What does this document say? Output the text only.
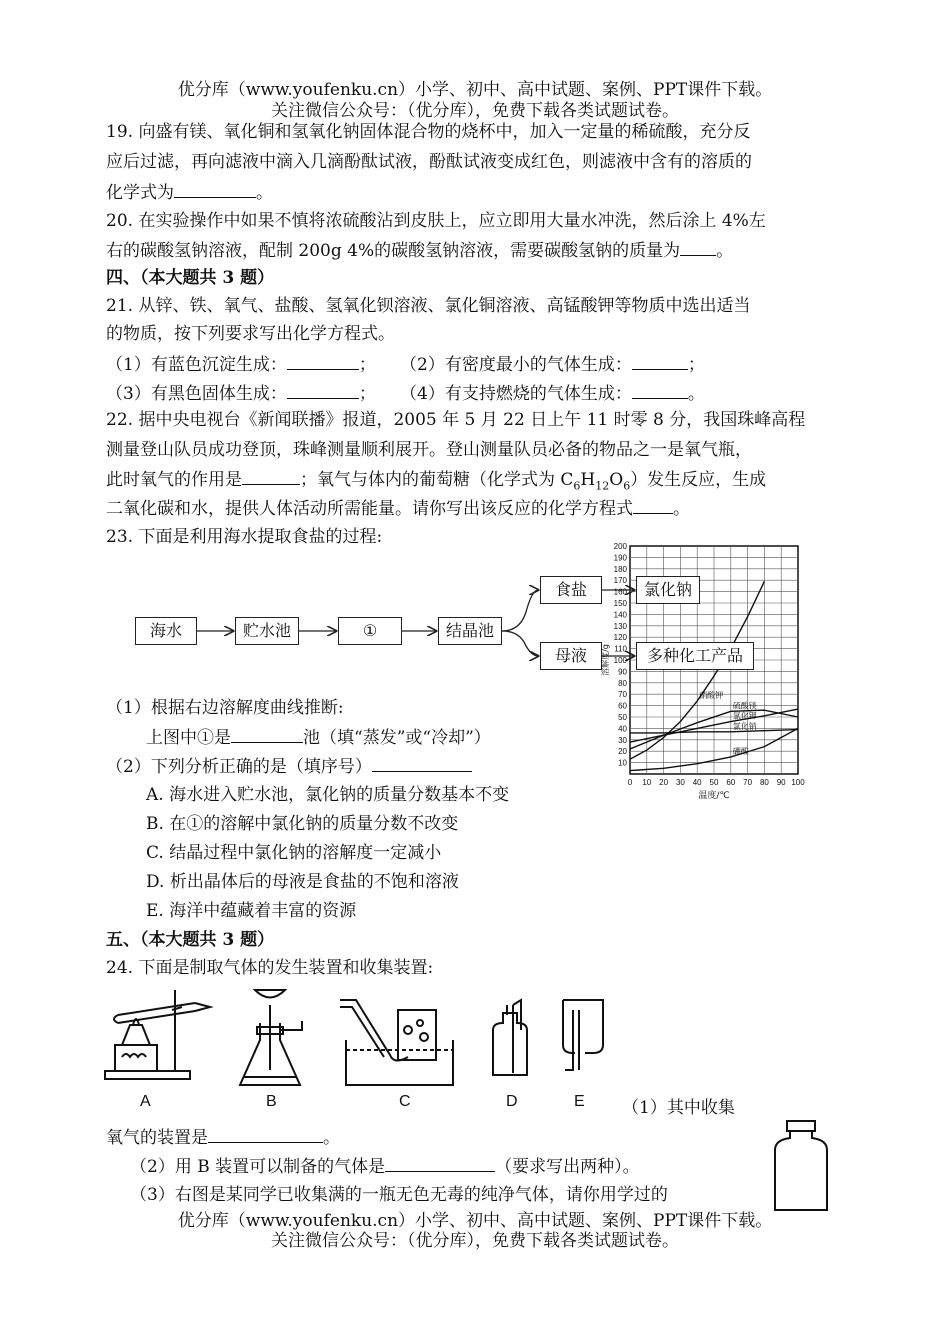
优分库（www.youfenku.cn）小学、初中、高中试题、案例、PPT课件下载。
关注微信公众号：（优分库），免费下载各类试题试卷。
19. 向盛有镁、氧化铜和氢氧化钠固体混合物的烧杯中，加入一定量的稀硫酸，充分反
应后过滤，再向滤液中滴入几滴酚酞试液，酚酞试液变成红色，则滤液中含有的溶质的
化学式为	。
20. 在实验操作中如果不慎将浓硫酸沾到皮肤上，应立即用大量水冲洗，然后涂上 4%左
右的碳酸氢钠溶液，配制 200g 4%的碳酸氢钠溶液，需要碳酸氢钠的质量为 。
四、（本大题共 3 题）
21. 从锌、铁、氧气、盐酸、氢氧化钡溶液、氯化铜溶液、高锰酸钾等物质中选出适当
的物质，按下列要求写出化学方程式。
（1）有蓝色沉淀生成：	； （2）有密度最小的气体生成：	；
（3）有黑色固体生成：	； （4）有支持燃烧的气体生成：	。
22. 据中央电视台《新闻联播》报道，2005 年 5 月 22 日上午 11 时零 8 分，我国珠峰高程
测量登山队员成功登顶，珠峰测量顺利展开。登山测量队员必备的物品之一是氧气瓶，
此时氧气的作用是	；氧气与体内的葡萄糖（化学式为 $C_6H_{12}O_6$）发生反应，生成
二氧化碳和水，提供人体活动所需能量。请你写出该反应的化学方程式 。
23. 下面是利用海水提取食盐的过程:
海水	贮水池	①	结晶池
食盐
母液
氯化钠
多种化工产品
10
20
30
40
50
60
70
80
90
100
110
120
130
140
150
160
170
180
190
200
0 10 20 30 40 50 60 70 80 90 100
温度/℃
溶解度/g
硝酸钾
氯化钠
硫酸镁
氯化钾
硼酸
（1）根据右边溶解度曲线推断:
上图中①是	池（填“蒸发”或“冷却”）
（2）下列分析正确的是（填序号）
A. 海水进入贮水池，氯化钠的质量分数基本不变
B. 在①的溶解中氯化钠的质量分数不改变
C. 结晶过程中氯化钠的溶解度一定减小
D. 析出晶体后的母液是食盐的不饱和溶液
E. 海洋中蕴藏着丰富的资源
五、（本大题共 3 题）
24. 下面是制取气体的发生装置和收集装置:
A	B	C	D	E （1）其中收集
氧气的装置是	。
（2）用 B 装置可以制备的气体是	（要求写出两种）。
（3）右图是某同学已收集满的一瓶无色无毒的纯净气体，请你用学过的
优分库（www.youfenku.cn）小学、初中、高中试题、案例、PPT课件下载。
关注微信公众号：（优分库），免费下载各类试题试卷。
